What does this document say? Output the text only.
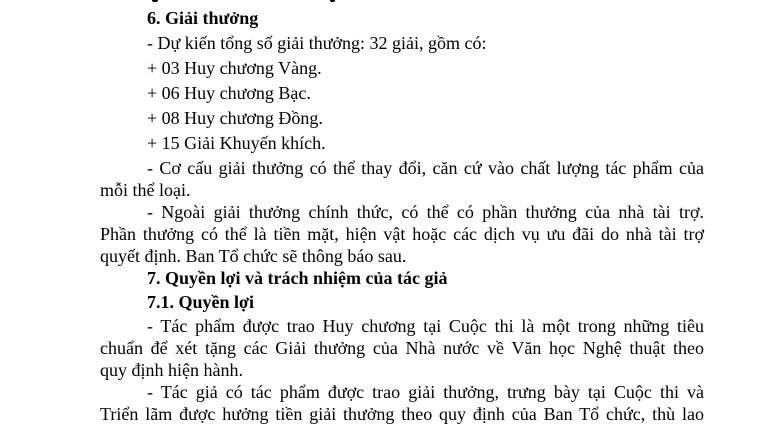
6. Giải thưởng
- Dự kiến tổng số giải thưởng: 32 giải, gồm có:
+ 03 Huy chương Vàng.
+ 06 Huy chương Bạc.
+ 08 Huy chương Đồng.
+ 15 Giải Khuyến khích.
- Cơ cấu giải thưởng có thể thay đổi, căn cứ vào chất lượng tác phẩm của
mỗi thể loại.
- Ngoài giải thưởng chính thức, có thể có phần thưởng của nhà tài trợ.
Phần thưởng có thể là tiền mặt, hiện vật hoặc các dịch vụ ưu đãi do nhà tài trợ
quyết định. Ban Tổ chức sẽ thông báo sau.
7. Quyền lợi và trách nhiệm của tác giả
7.1. Quyền lợi
- Tác phẩm được trao Huy chương tại Cuộc thi là một trong những tiêu
chuẩn để xét tặng các Giải thưởng của Nhà nước về Văn học Nghệ thuật theo
quy định hiện hành.
- Tác giả có tác phẩm được trao giải thưởng, trưng bày tại Cuộc thi và
Triển lãm được hưởng tiền giải thưởng theo quy định của Ban Tổ chức, thù lao
